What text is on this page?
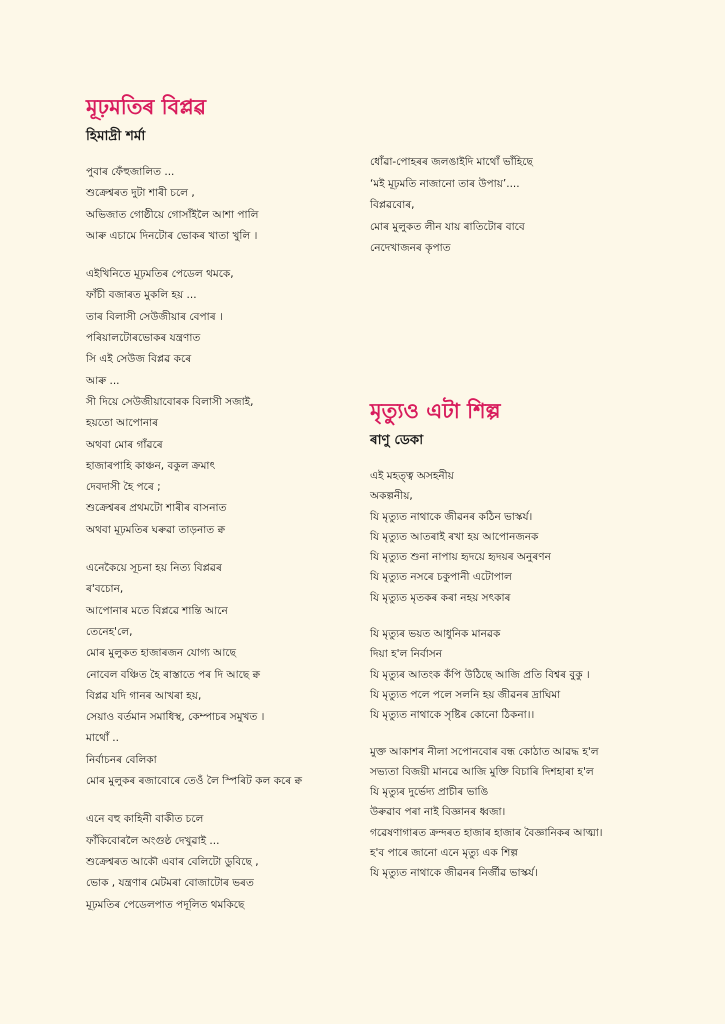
মূঢ়মতিৰ বিপ্লৱ
হিমাদ্রী শৰ্মা
পুবাৰ ফেঁহুজালিত ...
শুক্ৰেশ্বৰত দুটা শাৰী চলে ,
অভিজাত গোষ্ঠীয়ে গোসাঁইলৈ আশা পালি
আৰু এচামে দিনটোৰ ভোকৰ খাতা খুলি ।
এইখিনিতে মূঢ়মতিৰ পেডেল থমকে,
ফাঁচী বজাৰত মুকলি হয় ...
তাৰ বিলাসী সেউজীয়াৰ বেপাৰ ।
পৰিয়ালটোৰভোকৰ যন্ত্ৰণাত
সি এই সেউজ বিপ্লৱ কৰে
আৰু ...
সী দিয়ে সেউজীয়াবোৰক বিলাসী সজাই,
হয়তো আপোনাৰ
অথবা মোৰ গাঁৱৰে
হাজাৰপাহি কাঞ্চন, বকুল ক্ৰমাৎ
দেবদাসী হৈ পৰে ;
শুক্ৰেশ্বৰৰ প্ৰথমটো শাৰীৰ বাসনাত
অথবা মূঢ়মতিৰ ঘৰুৱা তাড়নাত ক্ব
এনেকৈয়ে সূচনা হয় নিত্য বিপ্লৱৰ
ৰ'বচোন,
আপোনাৰ মতে বিপ্লৱে শান্তি আনে
তেনেহ'লে,
মোৰ মুলুকত হাজাৰজন যোগ্য আছে
নোবেল বঞ্চিত হৈ ৰাস্তাতে পৰ দি আছে ক্ব
বিপ্লৱ যদি গানৰ আখৰা হয়,
সেয়াও বৰ্তমান সমাধিস্থ, কেম্পাচৰ সমুখত ।
মাথোঁ ..
নিৰ্বাচনৰ বেলিকা
মোৰ মুলুকৰ ৰজাবোৰে তেওঁ লৈ স্পিৰিট কল কৰে ক্ব
এনে বহু কাহিনী বাকীত চলে
ফাঁকিবোৰলৈ অংগুষ্ঠ দেখুৱাই ...
শুক্ৰেশ্বৰত আকৌ এবাৰ বেলিটো ডুবিছে ,
ভোক , যন্ত্ৰণাৰ মেটমৰা বোজাটোৰ ভৰত
মূঢ়মতিৰ পেডেলপাত পদূলিত থমকিছে
ধোঁৱা-পোহৰৰ জলঙাইদি মাথোঁ ভাঁহিছে
‘মই মূঢ়মতি নাজানো তাৰ উপায়’....
বিপ্লৱবোৰ,
মোৰ মুলুকত লীন যায় ৰাতিটোৰ বাবে
নেদেখাজনৰ কৃপাত
মৃত্যুও এটা শিল্প
ৰাণু ডেকা
এই মহত্ত্ব অসহনীয়
অকল্পনীয়,
যি মৃত্যুত নাথাকে জীৱনৰ কঠিন ভাস্কৰ্য।
যি মৃত্যুত আতৰাই ৰখা হয় আপোনজনক
যি মৃত্যুত শুনা নাপায় হৃদয়ে হৃদয়ৰ অনুৰণন
যি মৃত্যুত নসৰে চকুপানী এটোপাল
যি মৃত্যুত মৃতকৰ কৰা নহয় সৎকাৰ
যি মৃত্যুৰ ভয়ত আধুনিক মানৱক
দিয়া হ'ল নিৰ্বাসন
যি মৃত্যুৰ আতংক কঁপি উঠিছে আজি প্ৰতি বিশ্বৰ বুকু ।
যি মৃত্যুত পলে পলে সলনি হয় জীৱনৰ দ্ৰাঘিমা
যি মৃত্যুত নাথাকে সৃষ্টিৰ কোনো ঠিকনা।।
মুক্ত আকাশৰ নীলা সপোনবোৰ বন্ধ কোঠাত আৱদ্ধ হ'ল
সভ্যতা বিজয়ী মানৱে আজি মুক্তি বিচাৰি দিশহাৰা হ'ল
যি মৃত্যুৰ দুৰ্ভেদ্য প্ৰাচীৰ ভাঙি
উৰুৱাব পৰা নাই বিজ্ঞানৰ ধ্বজা।
গৱেষণাগাৰত ক্ৰন্দৰত হাজাৰ হাজাৰ বৈজ্ঞানিকৰ আত্মা।
হ'ব পাৰে জানো এনে মৃত্যু এক শিল্প
যি মৃত্যুত নাথাকে জীৱনৰ নিৰ্জীৱ ভাস্কৰ্য।
